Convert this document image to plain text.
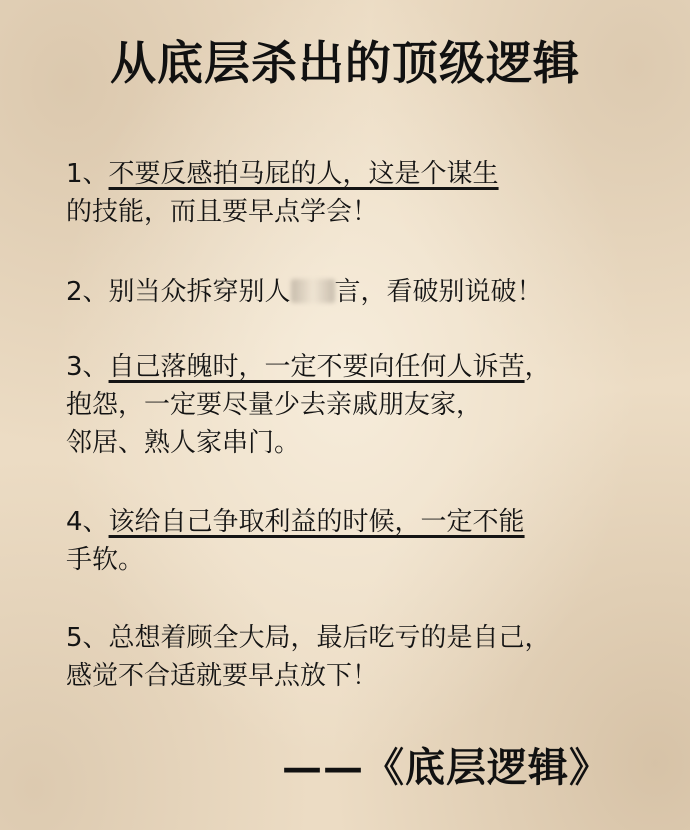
从底层杀出的顶级逻辑

1、不要反感拍马屁的人，这是个谋生

的技能，而且要早点学会！

2、别当众拆穿别人 言，看破别说破！

3、自己落魄时，一定不要向任何人诉苦，

抱怨，一定要尽量少去亲戚朋友家，

邻居、熟人家串门。

4、该给自己争取利益的时候，一定不能

手软。

5、总想着顾全大局，最后吃亏的是自己，

感觉不合适就要早点放下！

——《底层逻辑》
